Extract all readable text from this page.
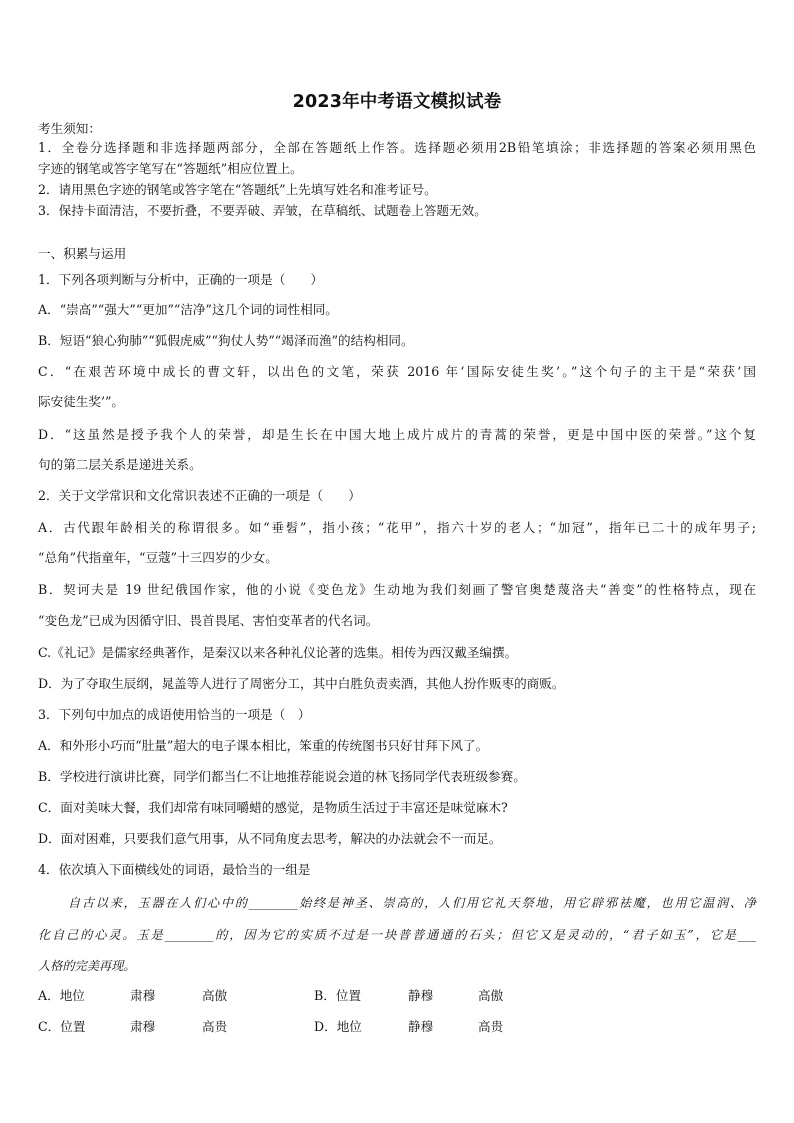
2023年中考语文模拟试卷
考生须知：
1．全卷分选择题和非选择题两部分，全部在答题纸上作答。选择题必须用2B铅笔填涂；非选择题的答案必须用黑色
字迹的钢笔或答字笔写在“答题纸”相应位置上。
2．请用黑色字迹的钢笔或答字笔在“答题纸”上先填写姓名和准考证号。
3．保持卡面清洁，不要折叠，不要弄破、弄皱，在草稿纸、试题卷上答题无效。
一、积累与运用
1．下列各项判断与分析中，正确的一项是（　　）
A．“崇高”“强大”“更加”“洁净”这几个词的词性相同。
B．短语“狼心狗肺”“狐假虎威”“狗仗人势”“竭泽而渔”的结构相同。
C．“在艰苦环境中成长的曹文轩，以出色的文笔，荣获 2016 年‘国际安徒生奖’。”这个句子的主干是“荣获‘国
际安徒生奖’”。
D．“这虽然是授予我个人的荣誉，却是生长在中国大地上成片成片的青蒿的荣誉，更是中国中医的荣誉。”这个复
句的第二层关系是递进关系。
2．关于文学常识和文化常识表述不正确的一项是（　　）
A．古代跟年龄相关的称谓很多。如“垂髫”，指小孩；“花甲”，指六十岁的老人；“加冠”，指年已二十的成年男子;
“总角”代指童年，“豆蔻”十三四岁的少女。
B．契诃夫是 19 世纪俄国作家，他的小说《变色龙》生动地为我们刻画了警官奥楚蔑洛夫“善变”的性格特点，现在
“变色龙”已成为因循守旧、畏首畏尾、害怕变革者的代名词。
C.《礼记》是儒家经典著作，是秦汉以来各种礼仪论著的选集。相传为西汉戴圣编撰。
D．为了夺取生辰纲，晁盖等人进行了周密分工，其中白胜负责卖酒，其他人扮作贩枣的商贩。
3．下列句中加点的成语使用恰当的一项是（　）
A．和外形小巧而“肚量”超大的电子课本相比，笨重的传统图书只好甘拜下风了。
B．学校进行演讲比赛，同学们都当仁不让地推荐能说会道的林飞扬同学代表班级参赛。
C．面对美味大餐，我们却常有味同嚼蜡的感觉，是物质生活过于丰富还是味觉麻木?
D．面对困难，只要我们意气用事，从不同角度去思考，解决的办法就会不一而足。
4．依次填入下面横线处的词语，最恰当的一组是
自古以来，玉器在人们心中的________始终是神圣、崇高的，人们用它礼天祭地，用它辟邪祛魔，也用它温润、净
化自己的心灵。玉是________的，因为它的实质不过是一块普普通通的石头；但它又是灵动的，“君子如玉”，它是___
人格的完美再现。
A．地位	肃穆	高傲	B．位置	静穆	高傲
C．位置	肃穆	高贵	D．地位	静穆	高贵
